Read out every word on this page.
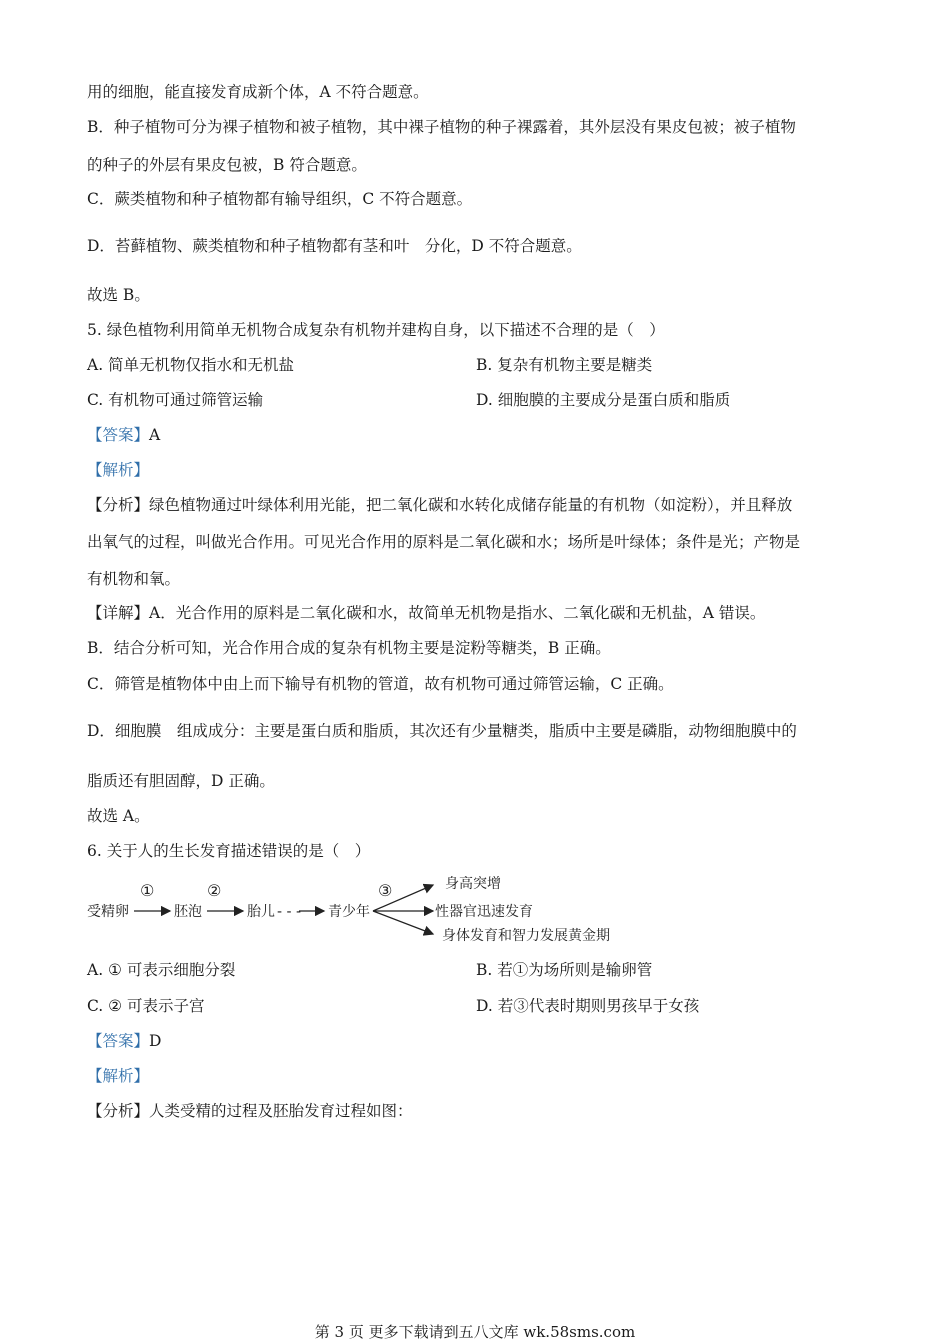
用的细胞，能直接发育成新个体，A 不符合题意。
B．种子植物可分为裸子植物和被子植物，其中裸子植物的种子裸露着，其外层没有果皮包被；被子植物
的种子的外层有果皮包被，B 符合题意。
C．蕨类植物和种子植物都有输导组织，C 不符合题意。
D．苔藓植物、蕨类植物和种子植物都有茎和叶　分化，D 不符合题意。
故选 B。
5. 绿色植物利用简单无机物合成复杂有机物并建构自身，以下描述不合理的是（　）
A. 简单无机物仅指水和无机盐	B. 复杂有机物主要是糖类
C. 有机物可通过筛管运输	D. 细胞膜的主要成分是蛋白质和脂质
【答案】A
【解析】
【分析】绿色植物通过叶绿体利用光能，把二氧化碳和水转化成储存能量的有机物（如淀粉），并且释放
出氧气的过程，叫做光合作用。可见光合作用的原料是二氧化碳和水；场所是叶绿体；条件是光；产物是
有机物和氧。
【详解】A．光合作用的原料是二氧化碳和水，故简单无机物是指水、二氧化碳和无机盐，A 错误。
B．结合分析可知，光合作用合成的复杂有机物主要是淀粉等糖类，B 正确。
C．筛管是植物体中由上而下输导有机物的管道，故有机物可通过筛管运输，C 正确。
D．细胞膜　组成成分：主要是蛋白质和脂质，其次还有少量糖类，脂质中主要是磷脂，动物细胞膜中的
脂质还有胆固醇，D 正确。
故选 A。
6. 关于人的生长发育描述错误的是（　）
受精卵	胚泡	胎儿	青少年
①	②	③
- - -
身高突增
性器官迅速发育
身体发育和智力发展黄金期
A. ① 可表示细胞分裂	B. 若①为场所则是输卵管
C. ② 可表示子宫	D. 若③代表时期则男孩早于女孩
【答案】D
【解析】
【分析】人类受精的过程及胚胎发育过程如图：
第 3 页 更多下载请到五八文库 wk.58sms.com
